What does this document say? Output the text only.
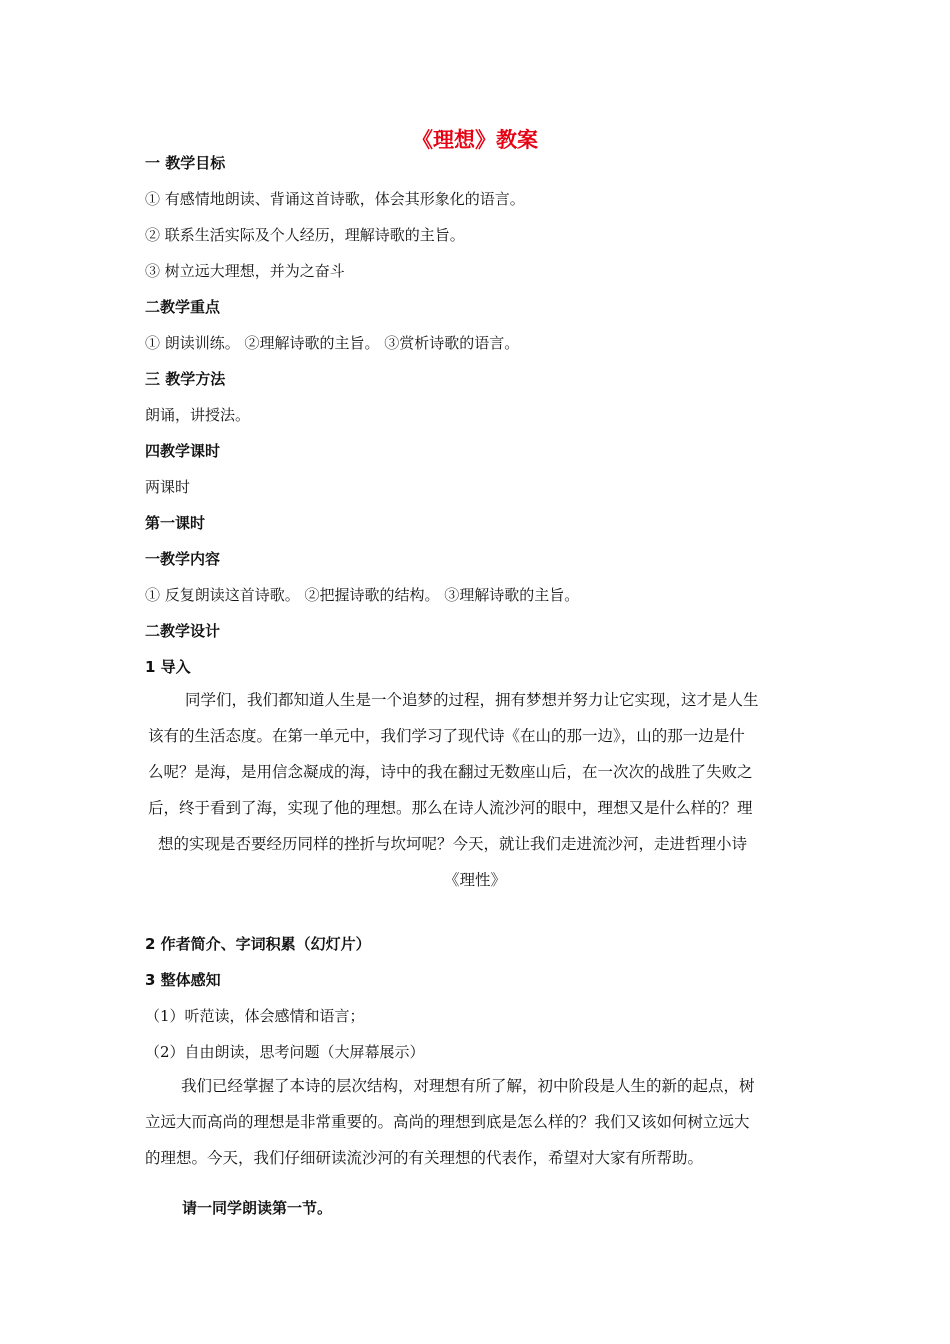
《理想》教案
一 教学目标
① 有感情地朗读、背诵这首诗歌，体会其形象化的语言。
② 联系生活实际及个人经历，理解诗歌的主旨。
③ 树立远大理想，并为之奋斗
二教学重点
① 朗读训练。 ②理解诗歌的主旨。 ③赏析诗歌的语言。
三 教学方法
朗诵，讲授法。
四教学课时
两课时
第一课时
一教学内容
① 反复朗读这首诗歌。 ②把握诗歌的结构。 ③理解诗歌的主旨。
二教学设计
1 导入
同学们，我们都知道人生是一个追梦的过程，拥有梦想并努力让它实现，这才是人生
该有的生活态度。在第一单元中，我们学习了现代诗《在山的那一边》，山的那一边是什
么呢？是海，是用信念凝成的海，诗中的我在翻过无数座山后，在一次次的战胜了失败之
后，终于看到了海，实现了他的理想。那么在诗人流沙河的眼中，理想又是什么样的？理
想的实现是否要经历同样的挫折与坎坷呢？今天，就让我们走进流沙河，走进哲理小诗
《理性》
2 作者简介、字词积累（幻灯片）
3 整体感知
（1）听范读，体会感情和语言；
（2）自由朗读，思考问题（大屏幕展示）
我们已经掌握了本诗的层次结构，对理想有所了解，初中阶段是人生的新的起点，树
立远大而高尚的理想是非常重要的。高尚的理想到底是怎么样的？我们又该如何树立远大
的理想。今天，我们仔细研读流沙河的有关理想的代表作，希望对大家有所帮助。
请一同学朗读第一节。
